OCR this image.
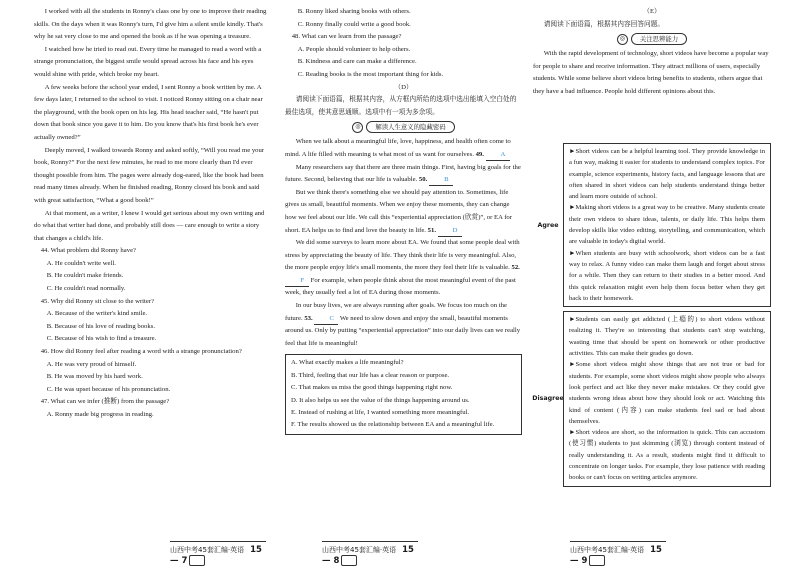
I worked with all the students in Ronny's class one by one to improve their reading skills. On the days when it was Ronny's turn, I'd give him a silent smile kindly. That's why he sat very close to me and opened the book as if he was opening a treasure.

I watched how he tried to read out. Every time he managed to read a word with a strange pronunciation, the biggest smile would spread across his face and his eyes would shine with pride, which broke my heart.

A few weeks before the school year ended, I sent Ronny a book written by me. A few days later, I returned to the school to visit. I noticed Ronny sitting on a chair near the playground, with the book open on his leg. His head teacher said, “He hasn't put down that book since you gave it to him. Do you know that's his first book he's ever actually owned?”

Deeply moved, I walked towards Ronny and asked softly, “Will you read me your book, Ronny?” For the next few minutes, he read to me more clearly than I'd ever thought possible from him. The pages were already dog-eared, like the book had been read many times already. When he finished reading, Ronny closed his book and said with great satisfaction, “What a good book!”

At that moment, as a writer, I knew I would get serious about my own writing and do what that writer had done, and probably still does — care enough to write a story that changes a child's life.

44. What problem did Ronny have?

A. He couldn't write well.

B. He couldn't make friends.

C. He couldn't read normally.

45. Why did Ronny sit close to the writer?

A. Because of the writer's kind smile.

B. Because of his love of reading books.

C. Because of his wish to find a treasure.

46. How did Ronny feel after reading a word with a strange pronunciation?

A. He was very proud of himself.

B. He was moved by his hard work.

C. He was upset because of his pronunciation.

47. What can we infer (推断) from the passage?

A. Ronny made big progress in reading.

B. Ronny liked sharing books with others.

C. Ronny finally could write a good book.

48. What can we learn from the passage?

A. People should volunteer to help others.

B. Kindness and care can make a difference.

C. Reading books is the most important thing for kids.

（D）

请阅读下面语篇，根据其内容，从方框内所给的选项中选出能填入空白处的最佳选项，使其意思通顺。选项中有一项为多余项。

◎	解读人生意义的隐藏密码

When we talk about a meaningful life, love, happiness, and health often come to mind. A life filled with meaning is what most of us want for ourselves. 49. A

Many researchers say that there are three main things. First, having big goals for the future. Second, believing that our life is valuable. 50.	B

But we think there's something else we should pay attention to. Sometimes, life gives us small, beautiful moments. When we enjoy these moments, they can change how we feel about our life. We call this “experiential appreciation (欣赏)”, or EA for short. EA helps us to find and love the beauty in life. 51. D

We did some surveys to learn more about EA. We found that some people deal with stress by appreciating the beauty of life. They think their life is very meaningful. Also, the more people enjoy life's small moments, the more they feel their life is valuable. 52. F For example, when people think about the most meaningful event of the past week, they usually feel a lot of EA during those moments.

In our busy lives, we are always running after goals. We focus too much on the future. 53.	C We need to slow down and enjoy the small, beautiful moments around us. Only by putting “experiential appreciation” into our daily lives can we really feel that life is meaningful!

A. What exactly makes a life meaningful?

B. Third, feeling that our life has a clear reason or purpose.

C. That makes us miss the good things happening right now.

D. It also helps us see the value of the things happening around us.

E. Instead of rushing at life, I wanted something more meaningful.

F. The results showed us the relationship between EA and a meaningful life.

（E）

请阅读下面语篇，根据其内容回答问题。

◎	关注思辨能力

With the rapid development of technology, short videos have become a popular way for people to share and receive information. They attract millions of users, especially students. While some believe short videos bring benefits to students, others argue that they have a bad influence. People hold different opinions about this.

Agree

►Short videos can be a helpful learning tool. They provide knowledge in a fun way, making it easier for students to understand complex topics. For example, science experiments, history facts, and language lessons that are often shared in short videos can help students understand things better and learn more outside of school.

►Making short videos is a great way to be creative. Many students create their own videos to share ideas, talents, or daily life. This helps them develop skills like video editing, storytelling, and communication, which are valuable in today's digital world.

►When students are busy with schoolwork, short videos can be a fast way to relax. A funny video can make them laugh and forget about stress for a while. Then they can return to their studies in a better mood. And this quick relaxation might even help them focus better when they get back to their homework.

Disagree

►Students can easily get addicted (上瘾的) to short videos without realizing it. They're so interesting that students can't stop watching, wasting time that should be spent on homework or other productive activities. This can make their grades go down.

►Some short videos might show things that are not true or bad for students. For example, some short videos might show people who always look perfect and act like they never make mistakes. Or they could give students wrong ideas about how they should look or act. Watching this kind of content (内容) can make students feel sad or bad about themselves.

►Short videos are short, so the information is quick. This can accustom (使习惯) students to just skimming (浏览) through content instead of really understanding it. As a result, students might find it difficult to concentrate on longer tasks. For example, they lose patience with reading books or can't focus on writing articles anymore.

山西中考45套汇编·英语 15 — 7
山西中考45套汇编·英语 15 — 8
山西中考45套汇编·英语 15 — 9
